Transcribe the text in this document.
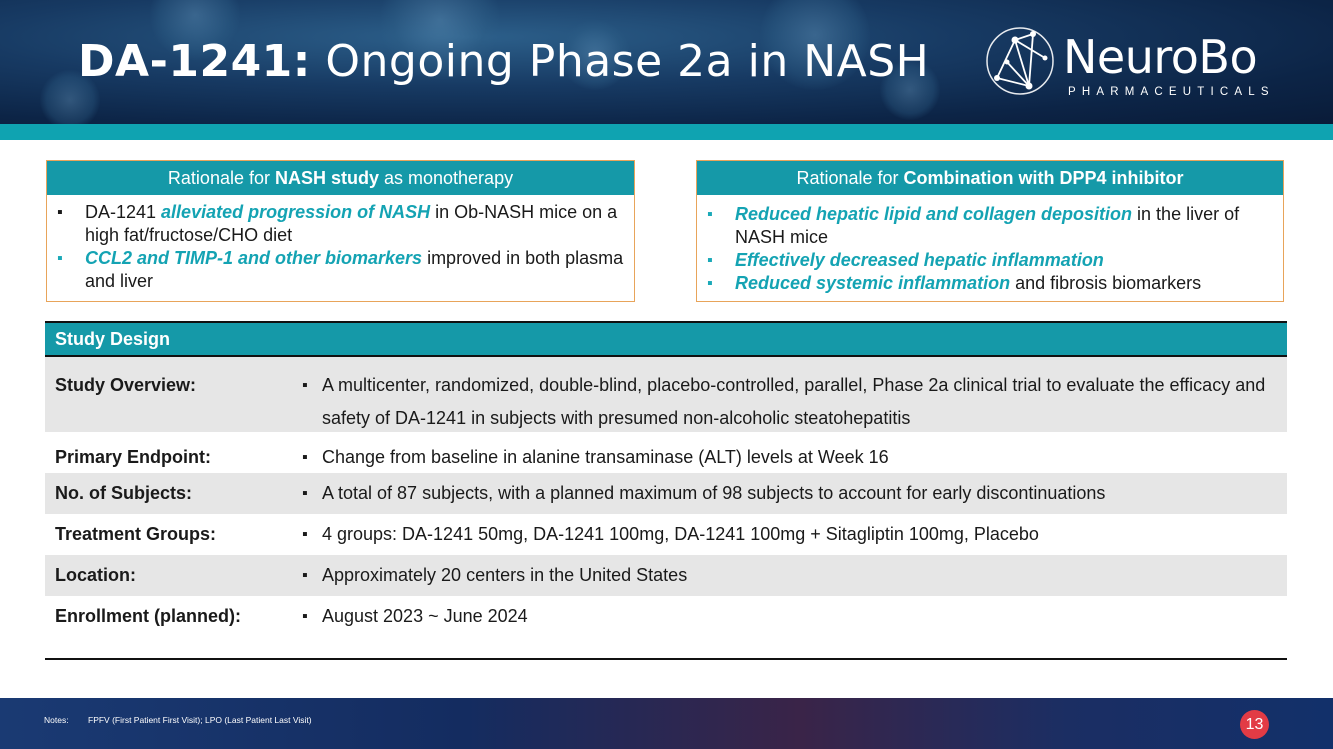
DA-1241: Ongoing Phase 2a in NASH	NeuroBo
PHARMACEUTICALS
Rationale for NASH study as monotherapy
▪ DA-1241 alleviated progression of NASH in Ob-NASH mice on a high fat/fructose/CHO diet
▪ CCL2 and TIMP-1 and other biomarkers improved in both plasma and liver
Rationale for Combination with DPP4 inhibitor
▪ Reduced hepatic lipid and collagen deposition in the liver of NASH mice
▪ Effectively decreased hepatic inflammation
▪ Reduced systemic inflammation and fibrosis biomarkers
Study Design
Study Overview:	▪ A multicenter, randomized, double-blind, placebo-controlled, parallel, Phase 2a clinical trial to evaluate the efficacy and safety of DA-1241 in subjects with presumed non-alcoholic steatohepatitis
Primary Endpoint:	▪ Change from baseline in alanine transaminase (ALT) levels at Week 16
No. of Subjects:	▪ A total of 87 subjects, with a planned maximum of 98 subjects to account for early discontinuations
Treatment Groups:	▪ 4 groups: DA-1241 50mg, DA-1241 100mg, DA-1241 100mg + Sitagliptin 100mg, Placebo
Location:	▪ Approximately 20 centers in the United States
Enrollment (planned):	▪ August 2023 ~ June 2024
Notes: FPFV (First Patient First Visit); LPO (Last Patient Last Visit)	13
